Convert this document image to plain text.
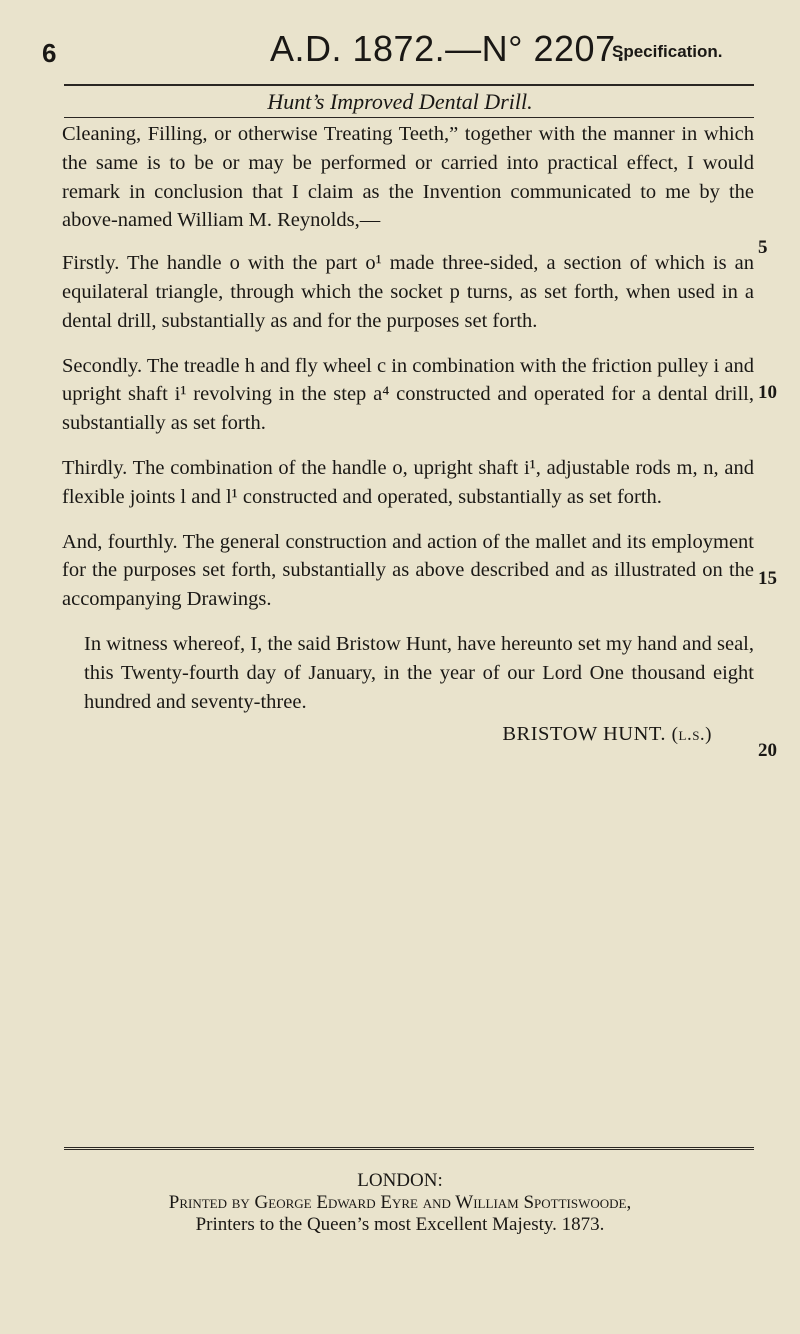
6	A.D. 1872.—N° 2207.
Specification.
Hunt’s Improved Dental Drill.

Cleaning, Filling, or otherwise Treating Teeth,” together with the manner in which the same is to be or may be performed or carried into practical effect, I would remark in conclusion that I claim as the Invention communicated to me by the above-named William M. Reynolds,—

Firstly. The handle o with the part o¹ made three-sided, a section of which is an equilateral triangle, through which the socket p turns, as set forth, when used in a dental drill, substantially as and for the purposes set forth.

Secondly. The treadle h and fly wheel c in combination with the friction pulley i and upright shaft i¹ revolving in the step a⁴ constructed and operated for a dental drill, substantially as set forth.

Thirdly. The combination of the handle o, upright shaft i¹, adjustable rods m, n, and flexible joints l and l¹ constructed and operated, substantially as set forth.

And, fourthly. The general construction and action of the mallet and its employment for the purposes set forth, substantially as above described and as illustrated on the accompanying Drawings.

In witness whereof, I, the said Bristow Hunt, have hereunto set my hand and seal, this Twenty-fourth day of January, in the year of our Lord One thousand eight hundred and seventy-three.

BRISTOW HUNT. (l.s.)
5
10
15
20
LONDON:
Printed by George Edward Eyre and William Spottiswoode,
Printers to the Queen’s most Excellent Majesty. 1873.
